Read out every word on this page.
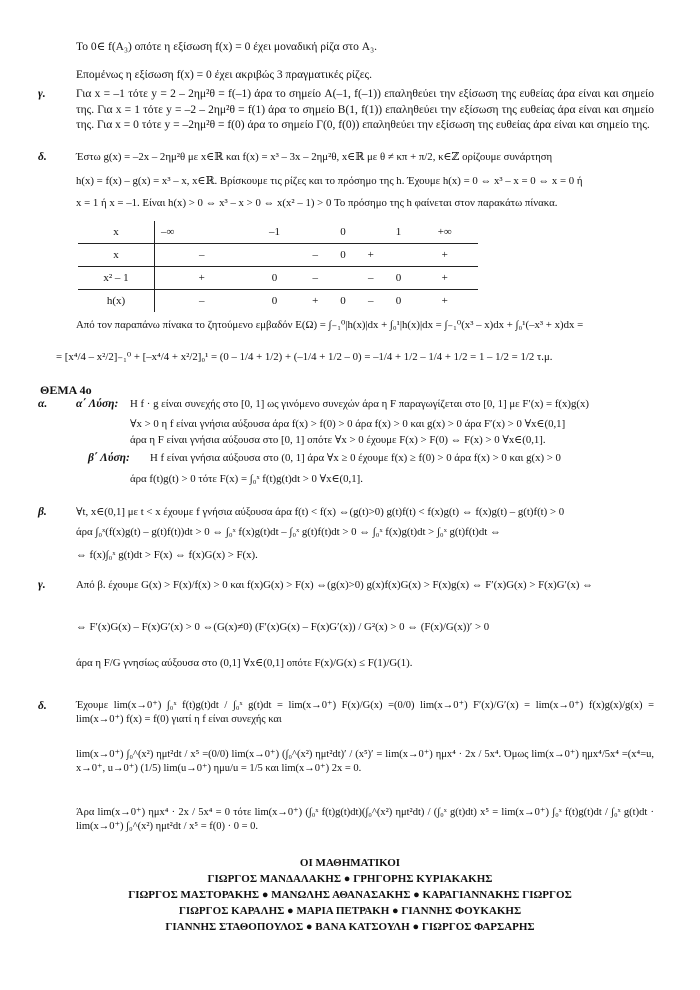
Το 0∈ f(A₃) οπότε η εξίσωση f(x) = 0 έχει μοναδική ρίζα στο A₃.
Επομένως η εξίσωση f(x) = 0 έχει ακριβώς 3 πραγματικές ρίζες.
γ.	Για x = –1 τότε y = 2 – 2ημ²θ = f(–1) άρα το σημείο A(–1, f(–1)) επαληθεύει την εξίσωση της ευθείας άρα είναι και σημείο της. Για x = 1 τότε y = –2 – 2ημ²θ = f(1) άρα το σημείο B(1, f(1)) επαληθεύει την εξίσωση της ευθείας άρα είναι και σημείο της. Για x = 0 τότε y = –2ημ²θ = f(0) άρα το σημείο Γ(0, f(0)) επαληθεύει την εξίσωση της ευθείας άρα είναι και σημείο της.
δ.	Έστω g(x) = –2x – 2ημ²θ με x∈ℝ και f(x) = x³ – 3x – 2ημ²θ, x∈ℝ με θ ≠ κπ + π/2, κ∈ℤ ορίζουμε συνάρτηση
h(x) = f(x) – g(x) = x³ – x, x∈ℝ. Βρίσκουμε τις ρίζες και το πρόσημο της h. Έχουμε h(x) = 0 ⇔ x³ – x = 0 ⇔ x = 0 ή
x = 1 ή x = –1. Είναι h(x) > 0 ⇔ x³ – x > 0 ⇔ x(x² – 1) > 0 Το πρόσημο της h φαίνεται στον παρακάτω πίνακα.
x	–∞	–1		0		1	+∞
x	–		–	0	+		+
x² – 1	+	0	–		–	0	+
h(x)	–	0	+	0	–	0	+
Από τον παραπάνω πίνακα το ζητούμενο εμβαδόν E(Ω) = ∫₋₁⁰|h(x)|dx + ∫₀¹|h(x)|dx = ∫₋₁⁰(x³ – x)dx + ∫₀¹(–x³ + x)dx =
= [x⁴/4 – x²/2]₋₁⁰ + [–x⁴/4 + x²/2]₀¹ = (0 – 1/4 + 1/2) + (–1/4 + 1/2 – 0) = –1/4 + 1/2 – 1/4 + 1/2 = 1 – 1/2 = 1/2 τ.μ.
ΘΕΜΑ 4ο
α.	α΄ Λύση: Η f · g είναι συνεχής στο [0, 1] ως γινόμενο συνεχών άρα η F παραγωγίζεται στο [0, 1] με F′(x) = f(x)g(x)
∀x > 0 η f είναι γνήσια αύξουσα άρα f(x) > f(0) > 0 άρα f(x) > 0 και g(x) > 0 άρα F′(x) > 0 ∀x∈(0,1]
άρα η F είναι γνήσια αύξουσα στο [0, 1] οπότε ∀x > 0 έχουμε F(x) > F(0) ⇔ F(x) > 0 ∀x∈(0,1].
β΄ Λύση: Η f είναι γνήσια αύξουσα στο (0, 1] άρα ∀x ≥ 0 έχουμε f(x) ≥ f(0) > 0 άρα f(x) > 0 και g(x) > 0
άρα f(t)g(t) > 0 τότε F(x) = ∫₀ˣ f(t)g(t)dt > 0 ∀x∈(0,1].
β.	∀t, x∈(0,1] με t < x έχουμε f γνήσια αύξουσα άρα f(t) < f(x) ⇔(g(t)>0) g(t)f(t) < f(x)g(t) ⇔ f(x)g(t) – g(t)f(t) > 0
άρα ∫₀ˣ(f(x)g(t) – g(t)f(t))dt > 0 ⇔ ∫₀ˣ f(x)g(t)dt – ∫₀ˣ g(t)f(t)dt > 0 ⇔ ∫₀ˣ f(x)g(t)dt > ∫₀ˣ g(t)f(t)dt ⇔
⇔ f(x)∫₀ˣ g(t)dt > F(x) ⇔ f(x)G(x) > F(x).
γ.	Από β. έχουμε G(x) > F(x)/f(x) > 0 και f(x)G(x) > F(x) ⇔(g(x)>0) g(x)f(x)G(x) > F(x)g(x) ⇔ F′(x)G(x) > F(x)G′(x) ⇔
⇔ F′(x)G(x) – F(x)G′(x) > 0 ⇔(G(x)≠0) (F′(x)G(x) – F(x)G′(x)) / G²(x) > 0 ⇔ (F(x)/G(x))′ > 0
άρα η F/G γνησίως αύξουσα στο (0,1] ∀x∈(0,1] οπότε F(x)/G(x) ≤ F(1)/G(1).
δ.	Έχουμε lim(x→0⁺) ∫₀ˣ f(t)g(t)dt / ∫₀ˣ g(t)dt = lim(x→0⁺) F(x)/G(x) =(0/0) lim(x→0⁺) F′(x)/G′(x) = lim(x→0⁺) f(x)g(x)/g(x) = lim(x→0⁺) f(x) = f(0) γιατί η f είναι συνεχής και
lim(x→0⁺) ∫₀^(x²) ημt²dt / x⁵ =(0/0) lim(x→0⁺) (∫₀^(x²) ημt²dt)′ / (x⁵)′ = lim(x→0⁺) ημx⁴ · 2x / 5x⁴. Όμως lim(x→0⁺) ημx⁴/5x⁴ =(x⁴=u, x→0⁺, u→0⁺) (1/5) lim(u→0⁺) ημu/u = 1/5 και lim(x→0⁺) 2x = 0.
Άρα lim(x→0⁺) ημx⁴ · 2x / 5x⁴ = 0 τότε lim(x→0⁺) (∫₀ˣ f(t)g(t)dt)(∫₀^(x²) ημt²dt) / (∫₀ˣ g(t)dt) x⁵ = lim(x→0⁺) ∫₀ˣ f(t)g(t)dt / ∫₀ˣ g(t)dt · lim(x→0⁺) ∫₀^(x²) ημt²dt / x⁵ = f(0) · 0 = 0.
ΟΙ ΜΑΘΗΜΑΤΙΚΟΙ
ΓΙΩΡΓΟΣ ΜΑΝΔΑΛΑΚΗΣ ● ΓΡΗΓΟΡΗΣ ΚΥΡΙΑΚΑΚΗΣ
ΓΙΩΡΓΟΣ ΜΑΣΤΟΡΑΚΗΣ ● ΜΑΝΩΛΗΣ ΑΘΑΝΑΣΑΚΗΣ ● ΚΑΡΑΓΙΑΝΝΑΚΗΣ ΓΙΩΡΓΟΣ
ΓΙΩΡΓΟΣ ΚΑΡΑΛΗΣ ● ΜΑΡΙΑ ΠΕΤΡΑΚΗ ● ΓΙΑΝΝΗΣ ΦΟΥΚΑΚΗΣ
ΓΙΑΝΝΗΣ ΣΤΑΘΟΠΟΥΛΟΣ ● ΒΑΝΑ ΚΑΤΣΟΥΛΗ ● ΓΙΩΡΓΟΣ ΦΑΡΣΑΡΗΣ
